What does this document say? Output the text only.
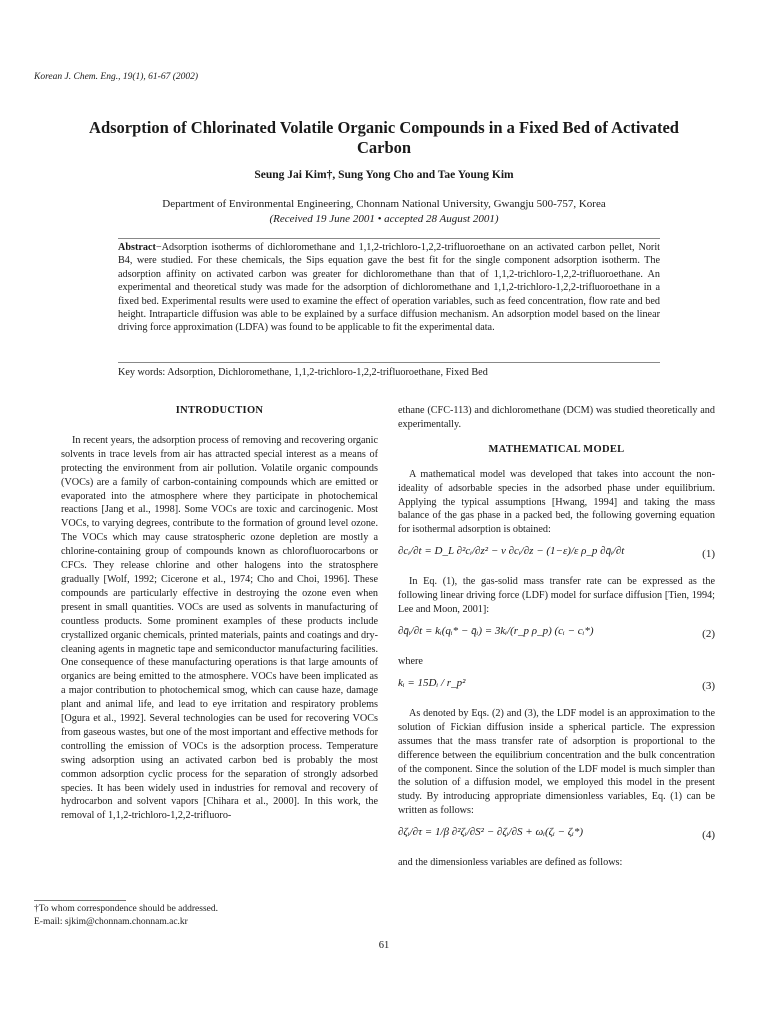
Korean J. Chem. Eng., 19(1), 61-67 (2002)
Adsorption of Chlorinated Volatile Organic Compounds in a Fixed Bed of Activated Carbon
Seung Jai Kim†, Sung Yong Cho and Tae Young Kim
Department of Environmental Engineering, Chonnam National University, Gwangju 500-757, Korea
(Received 19 June 2001 • accepted 28 August 2001)
Abstract−Adsorption isotherms of dichloromethane and 1,1,2-trichloro-1,2,2-trifluoroethane on an activated carbon pellet, Norit B4, were studied. For these chemicals, the Sips equation gave the best fit for the single component adsorption isotherm. The adsorption affinity on activated carbon was greater for dichloromethane than that of 1,1,2-trichloro-1,2,2-trifluoroethane. An experimental and theoretical study was made for the adsorption of dichloromethane and 1,1,2-trichloro-1,2,2-trifluoroethane in a fixed bed. Experimental results were used to examine the effect of operation variables, such as feed concentration, flow rate and bed height. Intraparticle diffusion was able to be explained by a surface diffusion mechanism. An adsorption model based on the linear driving force approximation (LDFA) was found to be applicable to fit the experimental data.
Key words: Adsorption, Dichloromethane, 1,1,2-trichloro-1,2,2-trifluoroethane, Fixed Bed

INTRODUCTION

In recent years, the adsorption process of removing and recovering organic solvents in trace levels from air has attracted special interest as a means of protecting the environment from air pollution. Volatile organic compounds (VOCs) are a family of carbon-containing compounds which are emitted or evaporated into the atmosphere where they participate in photochemical reactions [Jang et al., 1998]. Some VOCs are toxic and carcinogenic. Most VOCs, to varying degrees, contribute to the formation of ground level ozone. The VOCs which may cause stratospheric ozone depletion are mostly a chlorine-containing group of compounds known as chlorofluorocarbons or CFCs. They release chlorine and other halogens into the stratosphere gradually [Wolf, 1992; Cicerone et al., 1974; Cho and Choi, 1996]. These compounds are particularly effective in destroying the ozone even when present in small quantities. VOCs are used as solvents in manufacturing of countless products. Some prominent examples of these products include crystallized organic chemicals, printed materials, paints and coatings and dry-cleaning agents in magnetic tape and semiconductor manufacturing facilities. One consequence of these manufacturing operations is that large amounts of organics are being emitted to the atmosphere. VOCs have been implicated as a major contribution to photochemical smog, which can cause haze, damage plant and animal life, and lead to eye irritation and respiratory problems [Ogura et al., 1992]. Several technologies can be used for recovering VOCs from gaseous wastes, but one of the most important and effective methods for controlling the emission of VOCs is the adsorption process. Temperature swing adsorption using an activated carbon bed is probably the most common adsorption cyclic process for the separation of strongly adsorbed species. It has been widely used in industries for removal and recovery of hydrocarbon and solvent vapors [Chihara et al., 2000]. In this work, the removal of 1,1,2-trichloro-1,2,2-trifluoro-

ethane (CFC-113) and dichloromethane (DCM) was studied theoretically and experimentally.

MATHEMATICAL MODEL

A mathematical model was developed that takes into account the non-ideality of adsorbable species in the adsorbed phase under equilibrium. Applying the typical assumptions [Hwang, 1994] and taking the mass balance of the gas phase in a packed bed, the following governing equation for isothermal adsorption is obtained:

∂cᵢ/∂t = D_L ∂²cᵢ/∂z² − v ∂cᵢ/∂z − (1−ε)/ε ρ_p ∂q̄ᵢ/∂t	(1)

In Eq. (1), the gas-solid mass transfer rate can be expressed as the following linear driving force (LDF) model for surface diffusion [Tien, 1994; Lee and Moon, 2001]:

∂q̄ᵢ/∂t = kᵢ(qᵢ* − q̄ᵢ) = 3kᵢ/(r_p ρ_p) (cᵢ − cᵢ*)	(2)

where

kᵢ = 15Dᵢ / r_p²	(3)

As denoted by Eqs. (2) and (3), the LDF model is an approximation to the solution of Fickian diffusion inside a spherical particle. The expression assumes that the mass transfer rate of adsorption is proportional to the difference between the equilibrium concentration and the bulk concentration of the component. Since the solution of the LDF model is much simpler than the solution of a diffusion model, we employed this model in the present study. By introducing appropriate dimensionless variables, Eq. (1) can be written as follows:

∂ζᵢ/∂τ = 1/β ∂²ζᵢ/∂S² − ∂ζᵢ/∂S + ωᵢ(ζᵢ − ζᵢ*)	(4)

and the dimensionless variables are defined as follows:

†To whom correspondence should be addressed.
E-mail: sjkim@chonnam.chonnam.ac.kr
61
